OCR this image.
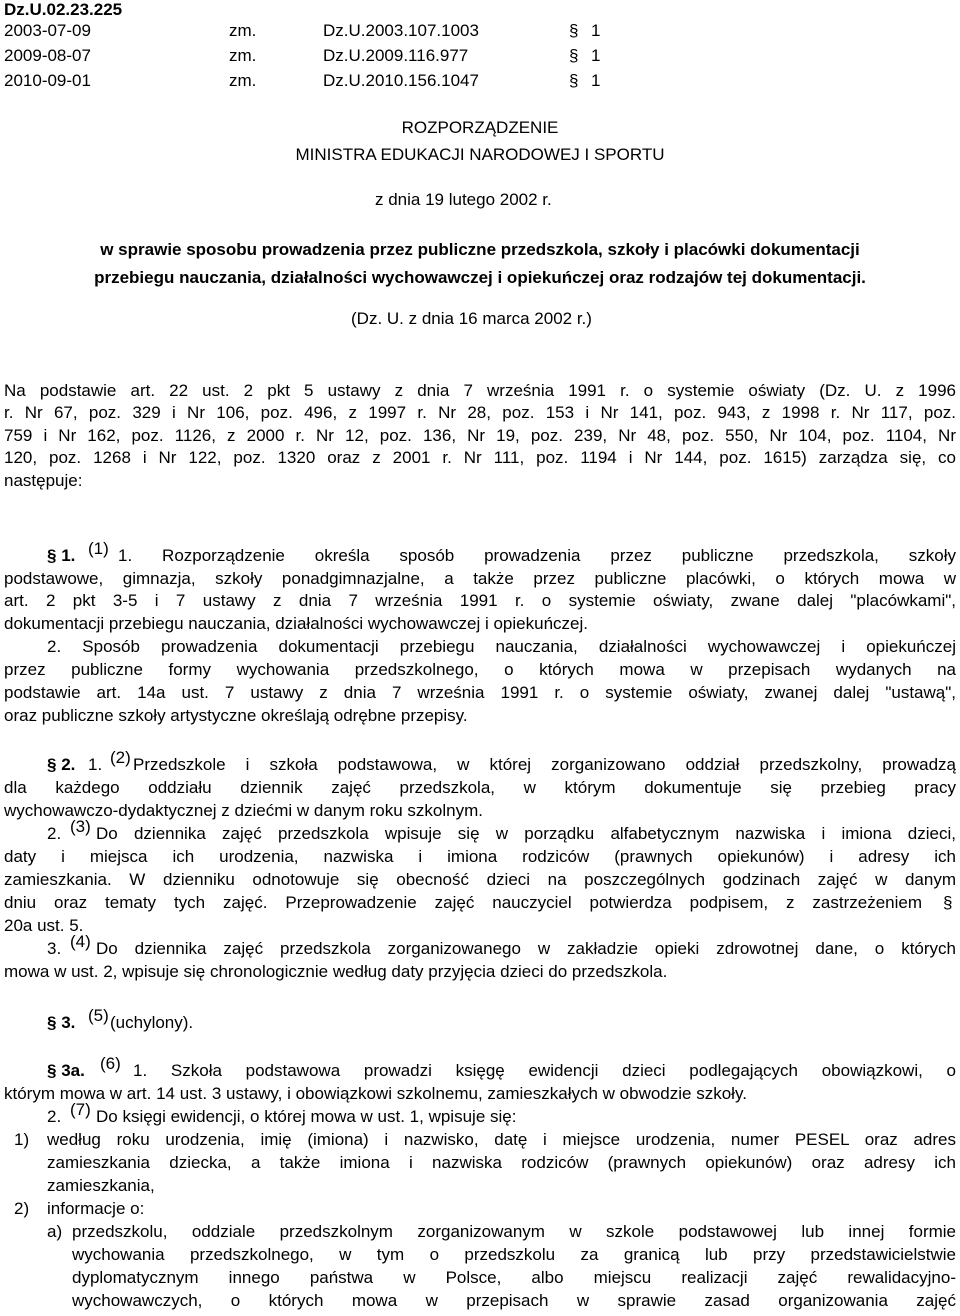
Dz.U.02.23.225
2003-07-09	zm.	Dz.U.2003.107.1003	§ 1
2009-08-07	zm.	Dz.U.2009.116.977	§ 1
2010-09-01	zm.	Dz.U.2010.156.1047	§ 1
ROZPORZĄDZENIE
MINISTRA EDUKACJI NARODOWEJ I SPORTU
z dnia 19 lutego 2002 r.
w sprawie sposobu prowadzenia przez publiczne przedszkola, szkoły i placówki dokumentacji
przebiegu nauczania, działalności wychowawczej i opiekuńczej oraz rodzajów tej dokumentacji.
(Dz. U. z dnia 16 marca 2002 r.)
Na podstawie art. 22 ust. 2 pkt 5 ustawy z dnia 7 września 1991 r. o systemie oświaty (Dz. U. z 1996
r. Nr 67, poz. 329 i Nr 106, poz. 496, z 1997 r. Nr 28, poz. 153 i Nr 141, poz. 943, z 1998 r. Nr 117, poz.
759 i Nr 162, poz. 1126, z 2000 r. Nr 12, poz. 136, Nr 19, poz. 239, Nr 48, poz. 550, Nr 104, poz. 1104, Nr
120, poz. 1268 i Nr 122, poz. 1320 oraz z 2001 r. Nr 111, poz. 1194 i Nr 144, poz. 1615) zarządza się, co
następuje:
§ 1. (1) 1. Rozporządzenie określa sposób prowadzenia przez publiczne przedszkola, szkoły
podstawowe, gimnazja, szkoły ponadgimnazjalne, a także przez publiczne placówki, o których mowa w
art. 2 pkt 3-5 i 7 ustawy z dnia 7 września 1991 r. o systemie oświaty, zwane dalej "placówkami",
dokumentacji przebiegu nauczania, działalności wychowawczej i opiekuńczej.
2. Sposób prowadzenia dokumentacji przebiegu nauczania, działalności wychowawczej i opiekuńczej
przez publiczne formy wychowania przedszkolnego, o których mowa w przepisach wydanych na
podstawie art. 14a ust. 7 ustawy z dnia 7 września 1991 r. o systemie oświaty, zwanej dalej "ustawą",
oraz publiczne szkoły artystyczne określają odrębne przepisy.
§ 2. 1. (2) Przedszkole i szkoła podstawowa, w której zorganizowano oddział przedszkolny, prowadzą
dla każdego oddziału dziennik zajęć przedszkola, w którym dokumentuje się przebieg pracy
wychowawczo-dydaktycznej z dziećmi w danym roku szkolnym.
2. (3) Do dziennika zajęć przedszkola wpisuje się w porządku alfabetycznym nazwiska i imiona dzieci,
daty i miejsca ich urodzenia, nazwiska i imiona rodziców (prawnych opiekunów) i adresy ich
zamieszkania. W dzienniku odnotowuje się obecność dzieci na poszczególnych godzinach zajęć w danym
dniu oraz tematy tych zajęć. Przeprowadzenie zajęć nauczyciel potwierdza podpisem, z zastrzeżeniem §
20a ust. 5.
3. (4) Do dziennika zajęć przedszkola zorganizowanego w zakładzie opieki zdrowotnej dane, o których
mowa w ust. 2, wpisuje się chronologicznie według daty przyjęcia dzieci do przedszkola.
§ 3. (5) (uchylony).
§ 3a. (6) 1. Szkoła podstawowa prowadzi księgę ewidencji dzieci podlegających obowiązkowi, o
którym mowa w art. 14 ust. 3 ustawy, i obowiązkowi szkolnemu, zamieszkałych w obwodzie szkoły.
2. (7) Do księgi ewidencji, o której mowa w ust. 1, wpisuje się:
1) według roku urodzenia, imię (imiona) i nazwisko, datę i miejsce urodzenia, numer PESEL oraz adres
zamieszkania dziecka, a także imiona i nazwiska rodziców (prawnych opiekunów) oraz adresy ich
zamieszkania,
2) informacje o:
a) przedszkolu, oddziale przedszkolnym zorganizowanym w szkole podstawowej lub innej formie
wychowania przedszkolnego, w tym o przedszkolu za granicą lub przy przedstawicielstwie
dyplomatycznym innego państwa w Polsce, albo miejscu realizacji zajęć rewalidacyjno-
wychowawczych, o których mowa w przepisach w sprawie zasad organizowania zajęć
